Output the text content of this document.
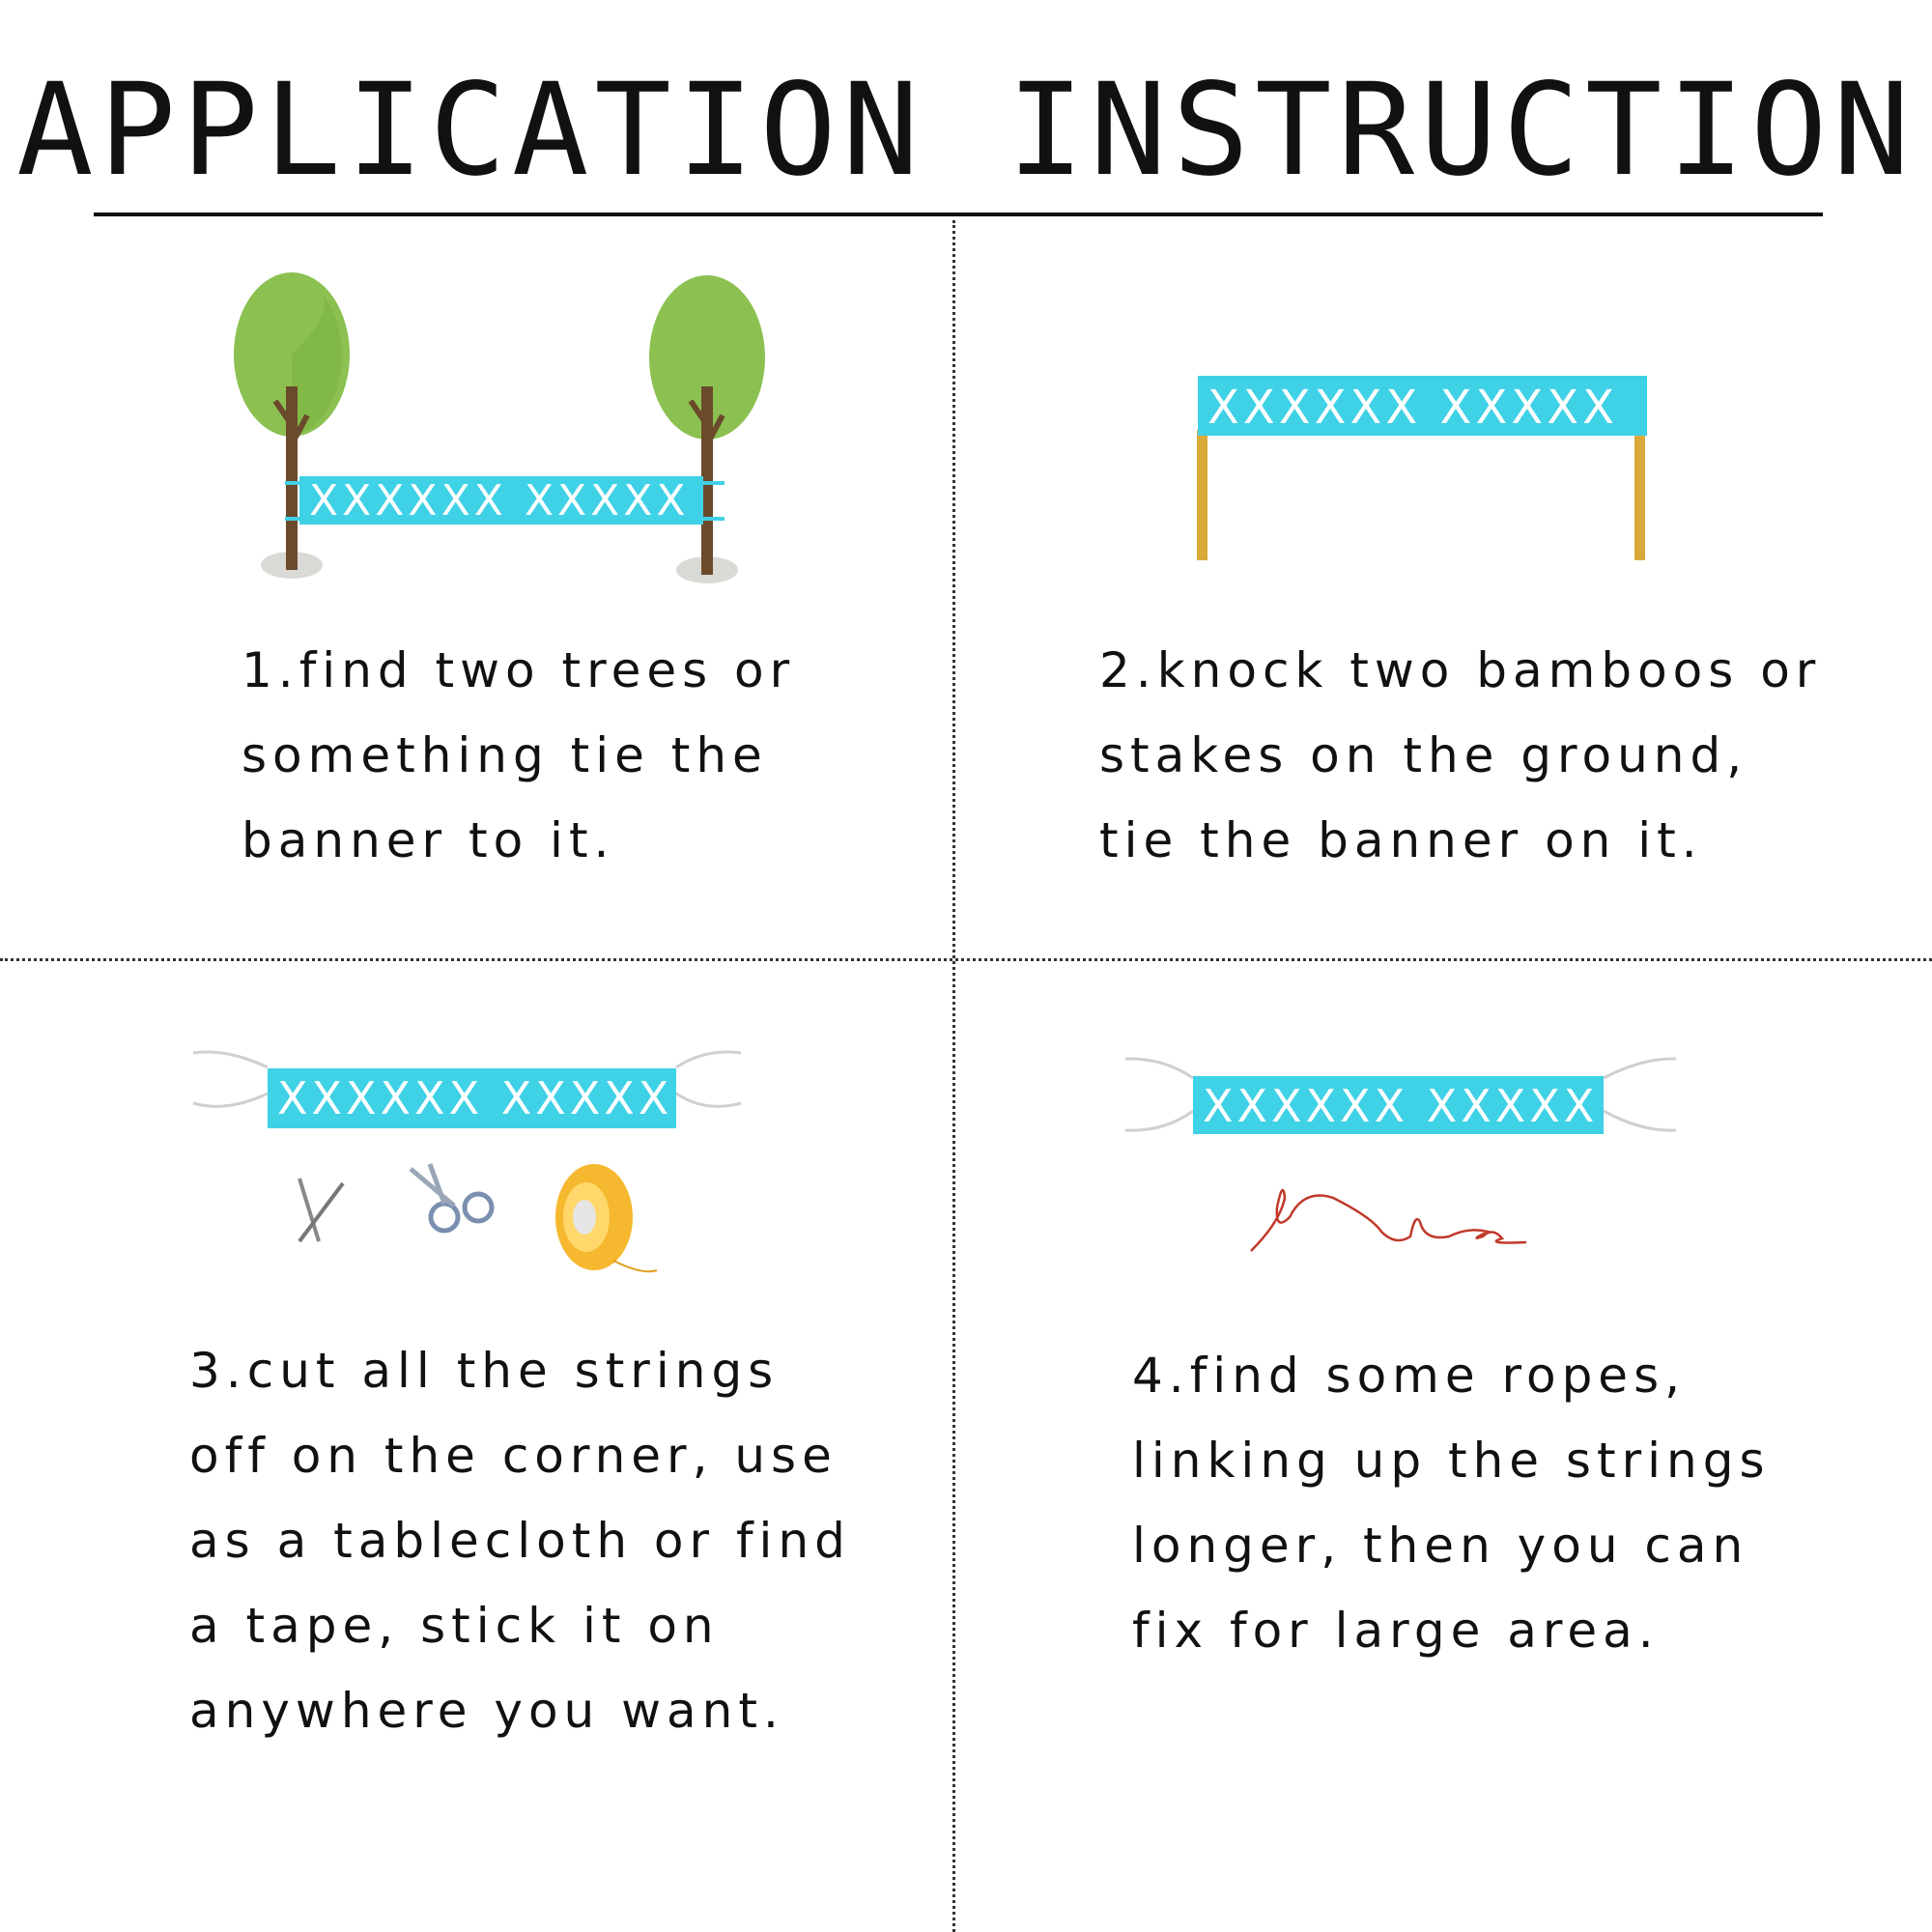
APPLICATION INSTRUCTION
XXXXXX XXXXX
1.find two trees or
something tie the
banner to it.
XXXXXX XXXXX
2.knock two bamboos or
stakes on the ground,
tie the banner on it.
XXXXXX XXXXX
3.cut all the strings
off on the corner, use
as a tablecloth or find
a tape, stick it on
anywhere you want.
XXXXXX XXXXX
4.find some ropes,
linking up the strings
longer, then you can
fix for large area.
